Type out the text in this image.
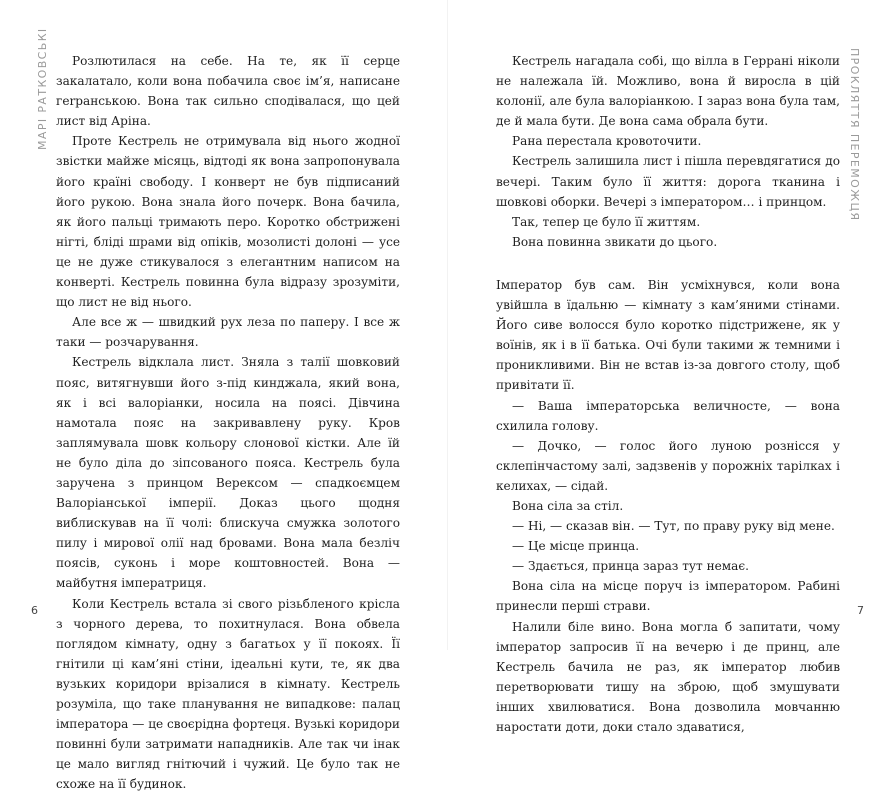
МАРІ РАТКОВСЬКІ	Розлютилася на себе. На те, як її серце закалатало, коли вона побачила своє ім’я, написане гerранською. Вона так сильно сподівалася, що цей лист від Аріна.

Проте Кестрель не отримувала від нього жодної звістки майже місяць, відтоді як вона запропонувала його країні свободу. І конверт не був підписаний його рукою. Вона знала його почерк. Вона бачила, як його пальці тримають перо. Коротко обстрижені нігті, бліді шрами від опіків, мозолисті долоні — усе це не дуже стикувалося з елегантним написом на конверті. Кестрель повинна була відразу зрозуміти, що лист не від нього.

Але все ж — швидкий рух леза по паперу. І все ж таки — розчарування.

Кестрель відклала лист. Зняла з талії шовковий пояс, витягнувши його з-під кинджала, який вона, як і всі валоріанки, носила на поясі. Дівчина намотала пояс на закривавлену руку. Кров заплямувала шовк кольору слонової кістки. Але їй не було діла до зіпсованого пояса. Кестрель була заручена з принцом Верексом — спадкоємцем Валоріанської імперії. Доказ цього щодня виблискував на її чолі: блискуча смужка золотого пилу і мирової олії над бровами. Вона мала безліч поясів, суконь і море коштовностей. Вона — майбутня імператриця.

Коли Кестрель встала зі свого різьбленого крісла з чорного дерева, то похитнулася. Вона обвела поглядом кімнату, одну з багатьох у її покоях. Її гнітили ці кам’яні стіни, ідеальні кути, те, як два вузьких коридори врізалися в кімнату. Кестрель розуміла, що таке планування не випадкове: палац імператора — це своєрідна фортеця. Вузькі коридори повинні були затримати нападників. Але так чи інак це мало вигляд гнітючий і чужий. Це було так не схоже на її будинок.

6
ПРОКЛЯТТЯ ПЕРЕМОЖЦЯ

Кестрель нагадала собі, що вілла в Геррані ніколи не належала їй. Можливо, вона й виросла в цій колонії, але була валоріанкою. І зараз вона була там, де й мала бути. Де вона сама обрала бути.

Рана перестала кровоточити.

Кестрель залишила лист і пішла перевдягатися до вечері. Таким було її життя: дорога тканина і шовкові оборки. Вечері з імператором… і принцом.

Так, тепер це було її життям.

Вона повинна звикати до цього.

Імператор був сам. Він усміхнувся, коли вона увійшла в їдальню — кімнату з кам’яними стінами. Його сиве волосся було коротко підстрижене, як у воїнів, як і в її батька. Очі були такими ж темними і проникливими. Він не встав із-за довгого столу, щоб привітати її.

— Ваша імператорська величносте, — вона схилила голову.

— Дочко, — голос його луною рознісся у склепінчастому залі, задзвенів у порожніх тарілках і келихах, — сідай.

Вона сіла за стіл.

— Ні, — сказав він. — Тут, по праву руку від мене.

— Це місце принца.

— Здається, принца зараз тут немає.

Вона сіла на місце поруч із імператором. Рабині принесли перші страви.

Налили біле вино. Вона могла б запитати, чому імператор запросив її на вечерю і де принц, але Кестрель бачила не раз, як імператор любив перетворювати тишу на зброю, щоб змушувати інших хвилюватися. Вона дозволила мовчанню наростати доти, доки стало здаватися,

7
